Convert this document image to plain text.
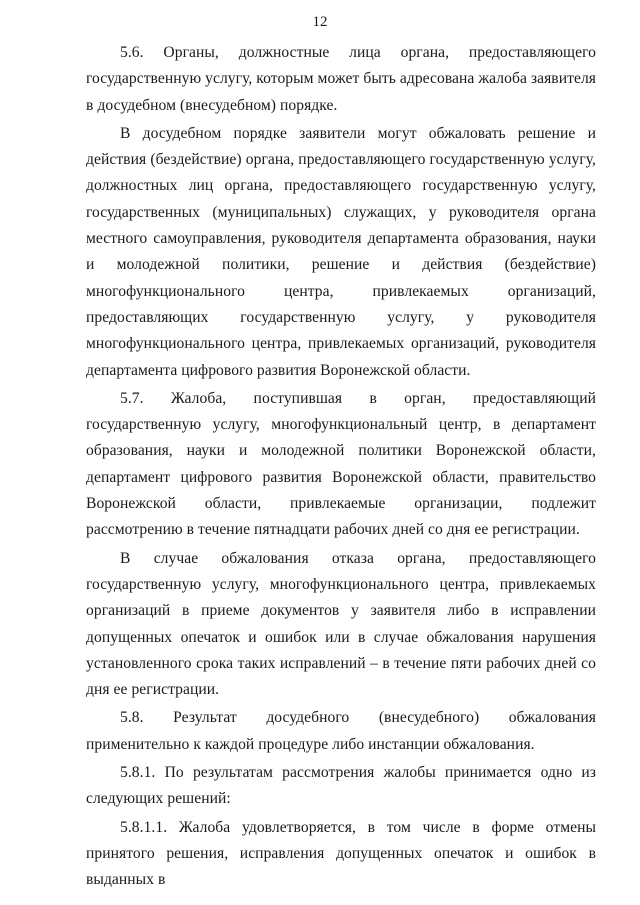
12

5.6. Органы, должностные лица органа, предоставляющего государственную услугу, которым может быть адресована жалоба заявителя в досудебном (внесудебном) порядке.

В досудебном порядке заявители могут обжаловать решение и действия (бездействие) органа, предоставляющего государственную услугу, должностных лиц органа, предоставляющего государственную услугу, государственных (муниципальных) служащих, у руководителя органа местного самоуправления, руководителя департамента образования, науки и молодежной политики, решение и действия (бездействие) многофункционального центра, привлекаемых организаций, предоставляющих государственную услугу, у руководителя многофункционального центра, привлекаемых организаций, руководителя департамента цифрового развития Воронежской области.

5.7. Жалоба, поступившая в орган, предоставляющий государственную услугу, многофункциональный центр, в департамент образования, науки и молодежной политики Воронежской области, департамент цифрового развития Воронежской области, правительство Воронежской области, привлекаемые организации, подлежит рассмотрению в течение пятнадцати рабочих дней со дня ее регистрации.

В случае обжалования отказа органа, предоставляющего государственную услугу, многофункционального центра, привлекаемых организаций в приеме документов у заявителя либо в исправлении допущенных опечаток и ошибок или в случае обжалования нарушения установленного срока таких исправлений – в течение пяти рабочих дней со дня ее регистрации.

5.8. Результат досудебного (внесудебного) обжалования применительно к каждой процедуре либо инстанции обжалования.

5.8.1. По результатам рассмотрения жалобы принимается одно из следующих решений:

5.8.1.1. Жалоба удовлетворяется, в том числе в форме отмены принятого решения, исправления допущенных опечаток и ошибок в выданных в
